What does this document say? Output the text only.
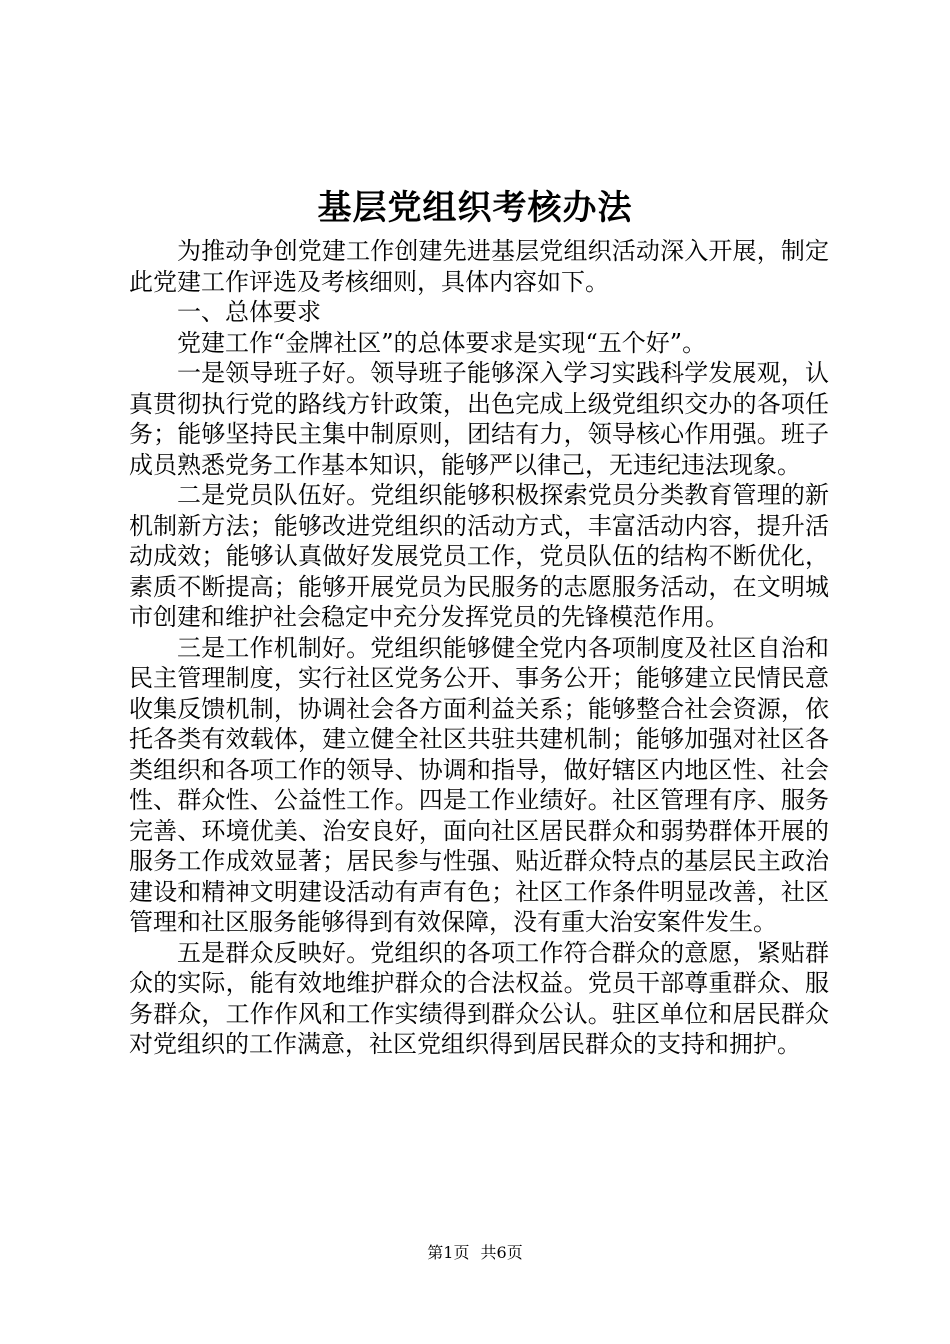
基层党组织考核办法

为推动争创党建工作创建先进基层党组织活动深入开展，制定此党建工作评选及考核细则，具体内容如下。

一、总体要求

党建工作“金牌社区”的总体要求是实现“五个好”。

一是领导班子好。领导班子能够深入学习实践科学发展观，认真贯彻执行党的路线方针政策，出色完成上级党组织交办的各项任务；能够坚持民主集中制原则，团结有力，领导核心作用强。班子成员熟悉党务工作基本知识，能够严以律己，无违纪违法现象。

二是党员队伍好。党组织能够积极探索党员分类教育管理的新机制新方法；能够改进党组织的活动方式，丰富活动内容，提升活动成效；能够认真做好发展党员工作，党员队伍的结构不断优化，素质不断提高；能够开展党员为民服务的志愿服务活动，在文明城市创建和维护社会稳定中充分发挥党员的先锋模范作用。

三是工作机制好。党组织能够健全党内各项制度及社区自治和民主管理制度，实行社区党务公开、事务公开；能够建立民情民意收集反馈机制，协调社会各方面利益关系；能够整合社会资源，依托各类有效载体，建立健全社区共驻共建机制；能够加强对社区各类组织和各项工作的领导、协调和指导，做好辖区内地区性、社会性、群众性、公益性工作。四是工作业绩好。社区管理有序、服务完善、环境优美、治安良好，面向社区居民群众和弱势群体开展的服务工作成效显著；居民参与性强、贴近群众特点的基层民主政治建设和精神文明建设活动有声有色；社区工作条件明显改善，社区管理和社区服务能够得到有效保障，没有重大治安案件发生。

五是群众反映好。党组织的各项工作符合群众的意愿，紧贴群众的实际，能有效地维护群众的合法权益。党员干部尊重群众、服务群众，工作作风和工作实绩得到群众公认。驻区单位和居民群众对党组织的工作满意，社区党组织得到居民群众的支持和拥护。

第1页 共6页
